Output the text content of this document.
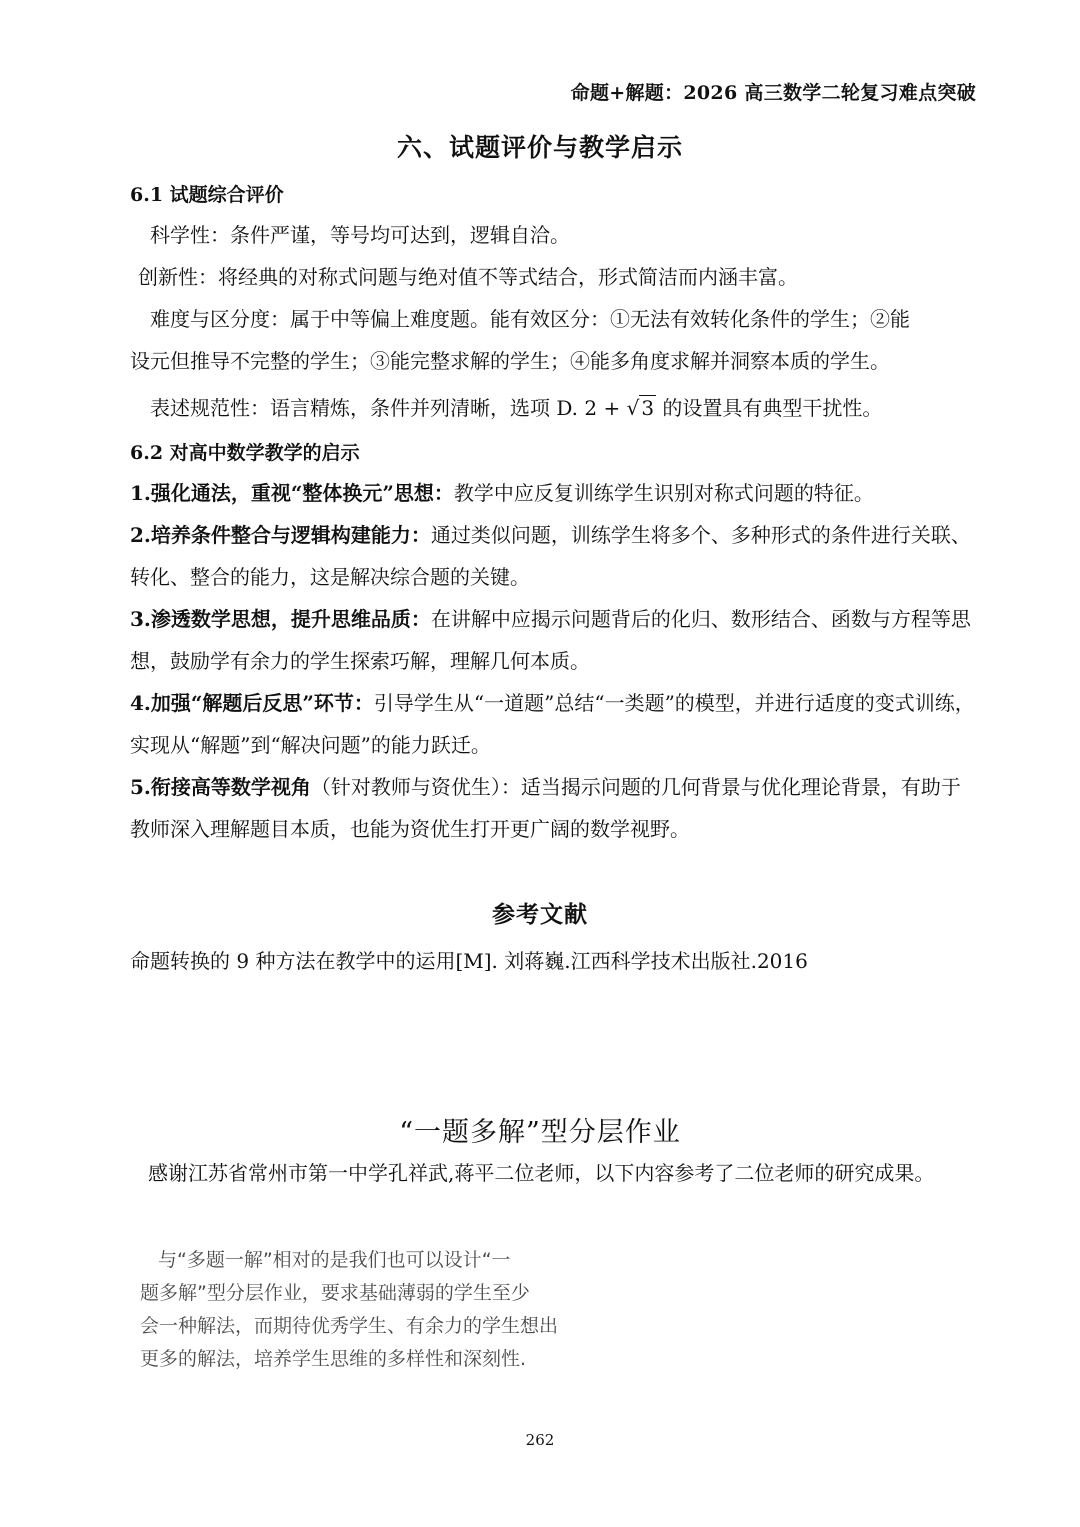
命题+解题：2026 高三数学二轮复习难点突破
六、试题评价与教学启示
6.1 试题综合评价
科学性：条件严谨，等号均可达到，逻辑自洽。
创新性：将经典的对称式问题与绝对值不等式结合，形式简洁而内涵丰富。
难度与区分度：属于中等偏上难度题。能有效区分：①无法有效转化条件的学生；②能
设元但推导不完整的学生；③能完整求解的学生；④能多角度求解并洞察本质的学生。
表述规范性：语言精炼，条件并列清晰，选项 D. 2 + √ 3 的设置具有典型干扰性。
6.2 对高中数学教学的启示
1.强化通法，重视“整体换元”思想：教学中应反复训练学生识别对称式问题的特征。
2.培养条件整合与逻辑构建能力：通过类似问题，训练学生将多个、多种形式的条件进行关联、转化、整合的能力，这是解决综合题的关键。
3.渗透数学思想，提升思维品质：在讲解中应揭示问题背后的化归、数形结合、函数与方程等思想，鼓励学有余力的学生探索巧解，理解几何本质。
4.加强“解题后反思”环节：引导学生从“一道题”总结“一类题”的模型，并进行适度的变式训练，实现从“解题”到“解决问题”的能力跃迁。
5.衔接高等数学视角（针对教师与资优生）：适当揭示问题的几何背景与优化理论背景，有助于教师深入理解题目本质，也能为资优生打开更广阔的数学视野。
参考文献
命题转换的 9 种方法在教学中的运用[M]. 刘蒋巍.江西科学技术出版社.2016
“一题多解”型分层作业
感谢江苏省常州市第一中学孔祥武,蒋平二位老师，以下内容参考了二位老师的研究成果。
与“多题一解”相对的是我们也可以设计“一
题多解”型分层作业，要求基础薄弱的学生至少
会一种解法，而期待优秀学生、有余力的学生想出
更多的解法，培养学生思维的多样性和深刻性.
262
